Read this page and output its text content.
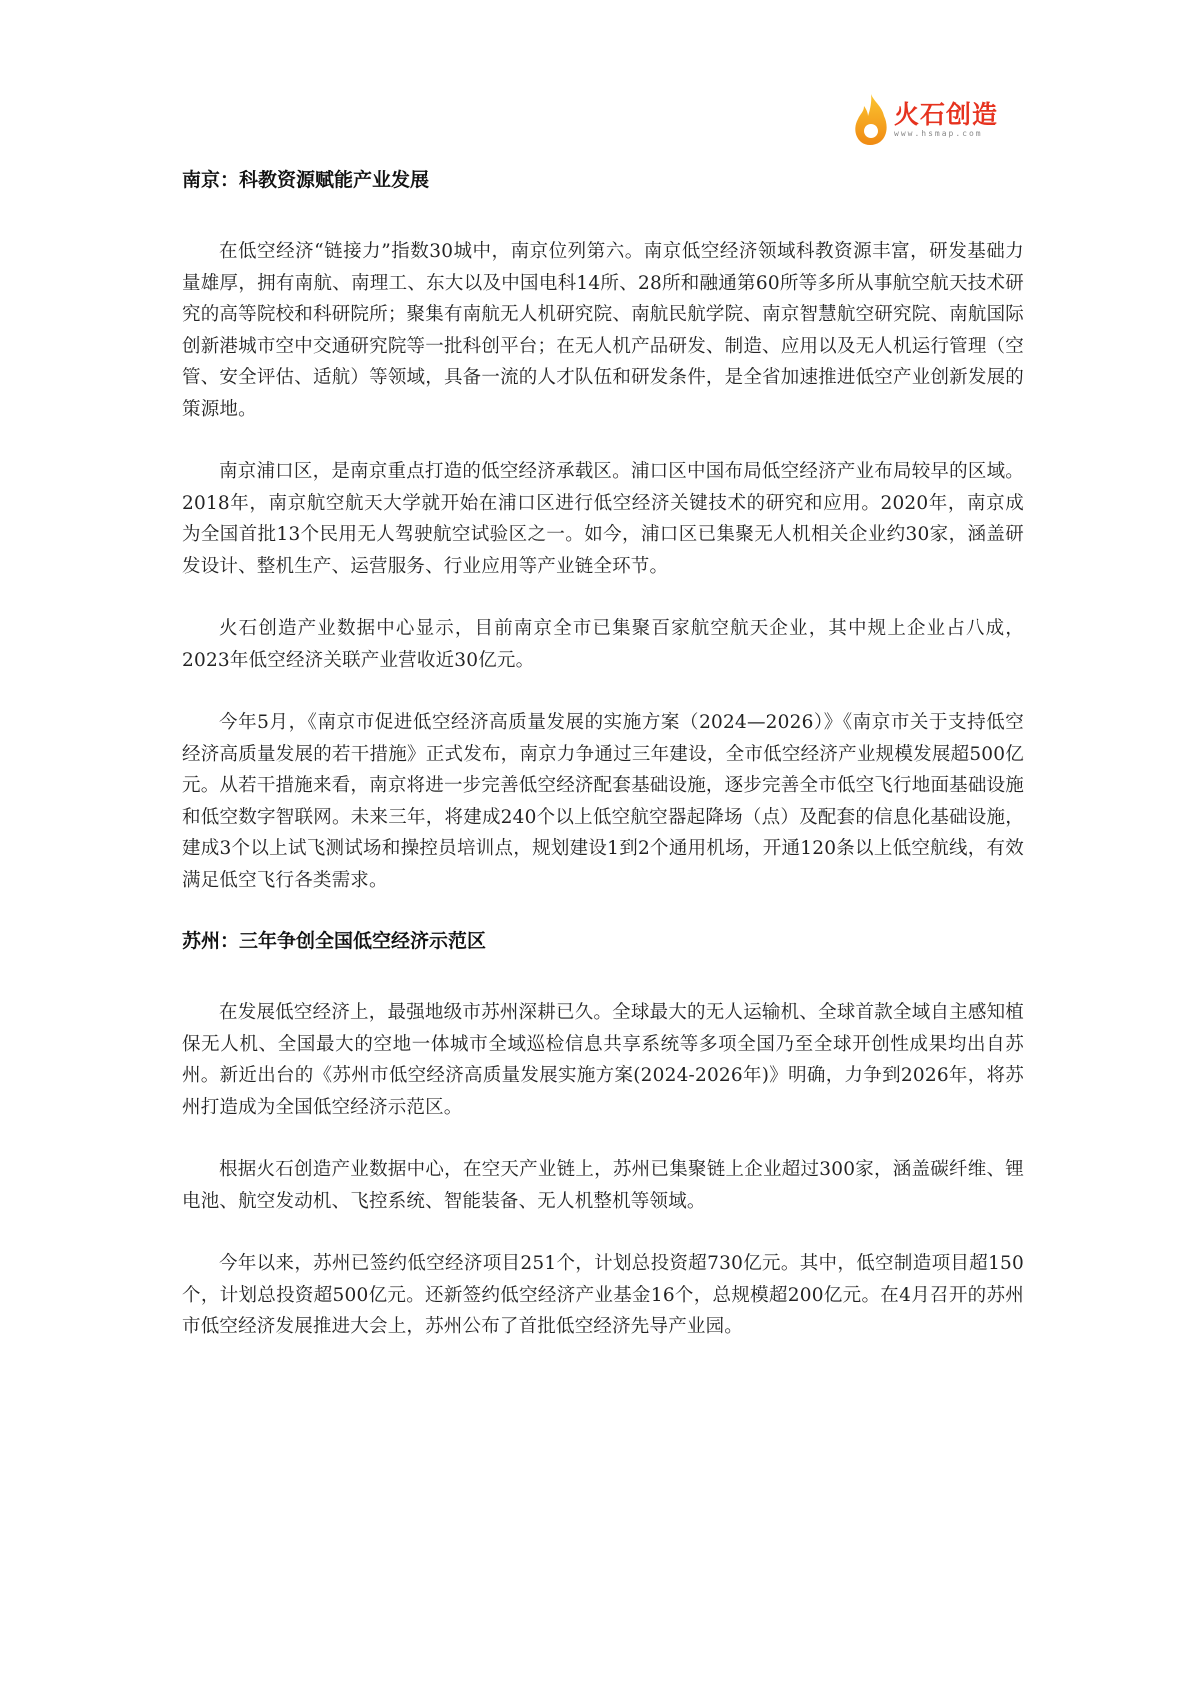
火石创造
www.hsmap.com
南京：科教资源赋能产业发展

在低空经济“链接力”指数30城中，南京位列第六。南京低空经济领域科教资源丰富，研发基础力量雄厚，拥有南航、南理工、东大以及中国电科14所、28所和融通第60所等多所从事航空航天技术研究的高等院校和科研院所；聚集有南航无人机研究院、南航民航学院、南京智慧航空研究院、南航国际创新港城市空中交通研究院等一批科创平台；在无人机产品研发、制造、应用以及无人机运行管理（空管、安全评估、适航）等领域，具备一流的人才队伍和研发条件，是全省加速推进低空产业创新发展的策源地。

南京浦口区，是南京重点打造的低空经济承载区。浦口区中国布局低空经济产业布局较早的区域。2018年，南京航空航天大学就开始在浦口区进行低空经济关键技术的研究和应用。2020年，南京成为全国首批13个民用无人驾驶航空试验区之一。如今，浦口区已集聚无人机相关企业约30家，涵盖研发设计、整机生产、运营服务、行业应用等产业链全环节。

火石创造产业数据中心显示，目前南京全市已集聚百家航空航天企业，其中规上企业占八成，2023年低空经济关联产业营收近30亿元。

今年5月，《南京市促进低空经济高质量发展的实施方案（2024—2026）》《南京市关于支持低空经济高质量发展的若干措施》正式发布，南京力争通过三年建设，全市低空经济产业规模发展超500亿元。从若干措施来看，南京将进一步完善低空经济配套基础设施，逐步完善全市低空飞行地面基础设施和低空数字智联网。未来三年，将建成240个以上低空航空器起降场（点）及配套的信息化基础设施，建成3个以上试飞测试场和操控员培训点，规划建设1到2个通用机场，开通120条以上低空航线，有效满足低空飞行各类需求。

苏州：三年争创全国低空经济示范区

在发展低空经济上，最强地级市苏州深耕已久。全球最大的无人运输机、全球首款全域自主感知植保无人机、全国最大的空地一体城市全域巡检信息共享系统等多项全国乃至全球开创性成果均出自苏州。新近出台的《苏州市低空经济高质量发展实施方案(2024-2026年)》明确，力争到2026年，将苏州打造成为全国低空经济示范区。

根据火石创造产业数据中心，在空天产业链上，苏州已集聚链上企业超过300家，涵盖碳纤维、锂电池、航空发动机、飞控系统、智能装备、无人机整机等领域。

今年以来，苏州已签约低空经济项目251个，计划总投资超730亿元。其中，低空制造项目超150个，计划总投资超500亿元。还新签约低空经济产业基金16个，总规模超200亿元。在4月召开的苏州市低空经济发展推进大会上，苏州公布了首批低空经济先导产业园。
